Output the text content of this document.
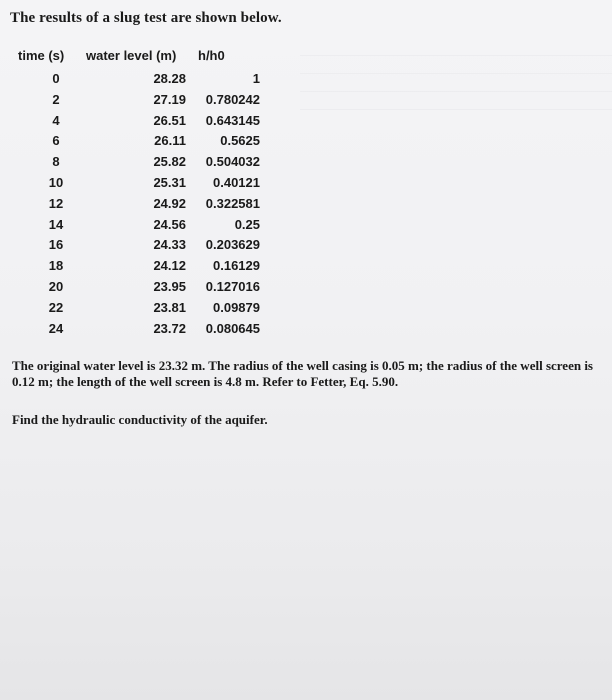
The results of a slug test are shown below.
time (s) water level (m) h/h0
0	28.28	1
2	27.19	0.780242
4	26.51	0.643145
6	26.11	0.5625
8	25.82	0.504032
10	25.31	0.40121
12	24.92	0.322581
14	24.56	0.25
16	24.33	0.203629
18	24.12	0.16129
20	23.95	0.127016
22	23.81	0.09879
24	23.72	0.080645
The original water level is 23.32 m. The radius of the well casing is 0.05 m; the radius of the well screen is 0.12 m; the length of the well screen is 4.8 m. Refer to Fetter, Eq. 5.90.
Find the hydraulic conductivity of the aquifer.
